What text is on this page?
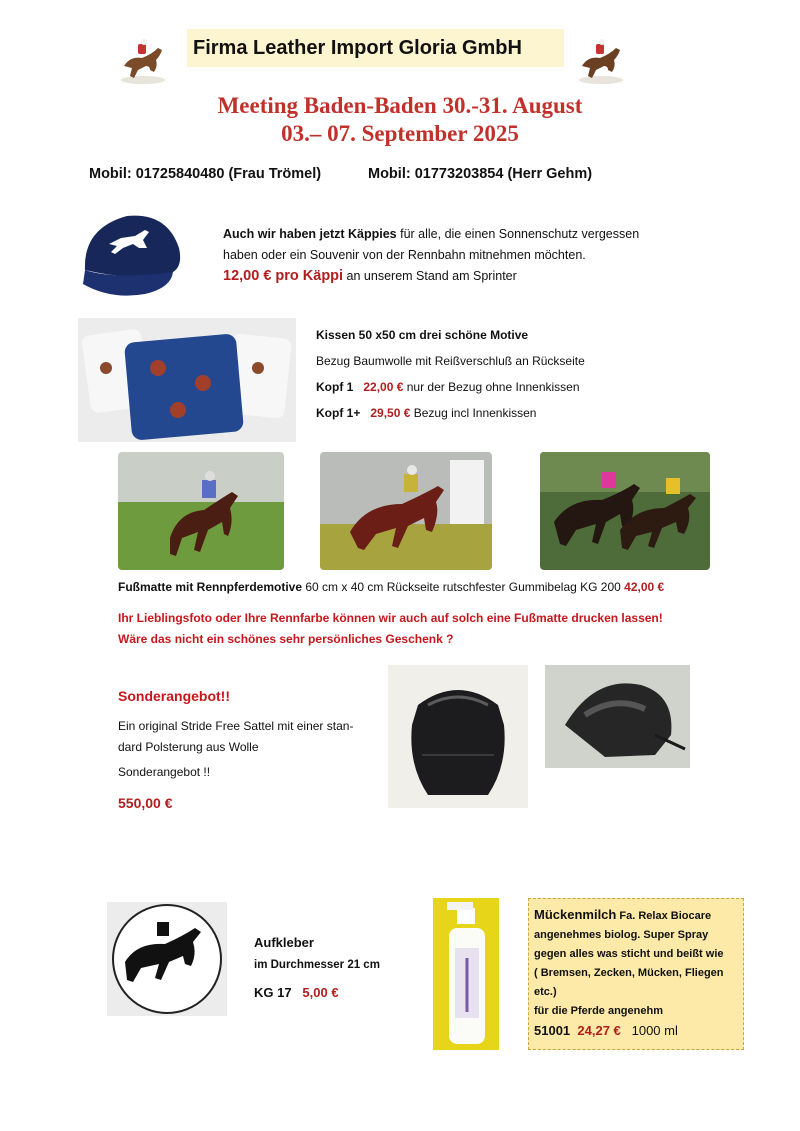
Firma Leather Import Gloria GmbH
Meeting Baden-Baden 30.-31. August
03.– 07. September 2025
Mobil: 01725840480 (Frau Trömel)	Mobil: 01773203854 (Herr Gehm)
Auch wir haben jetzt Käppies für alle, die einen Sonnenschutz vergessen
haben oder ein Souvenir von der Rennbahn mitnehmen möchten.
12,00 € pro Käppi an unserem Stand am Sprinter
Kissen 50 x50 cm drei schöne Motive
Bezug Baumwolle mit Reißverschluß an Rückseite
Kopf 1 22,00 € nur der Bezug ohne Innenkissen
Kopf 1+ 29,50 € Bezug incl Innenkissen
Fußmatte mit Rennpferdemotive 60 cm x 40 cm Rückseite rutschfester Gummibelag KG 200 42,00 €
Ihr Lieblingsfoto oder Ihre Rennfarbe können wir auch auf solch eine Fußmatte drucken lassen!
Wäre das nicht ein schönes sehr persönliches Geschenk ?
Sonderangebot!!
Ein original Stride Free Sattel mit einer stan-dard Polsterung aus Wolle
Sonderangebot !!
550,00 €
Aufkleber
im Durchmesser 21 cm
KG 17 5,00 €
Mückenmilch Fa. Relax Biocare
angenehmes biolog. Super Spray
gegen alles was sticht und beißt wie
( Bremsen, Zecken, Mücken, Fliegen etc.)
für die Pferde angenehm
51001 24,27 € 1000 ml
